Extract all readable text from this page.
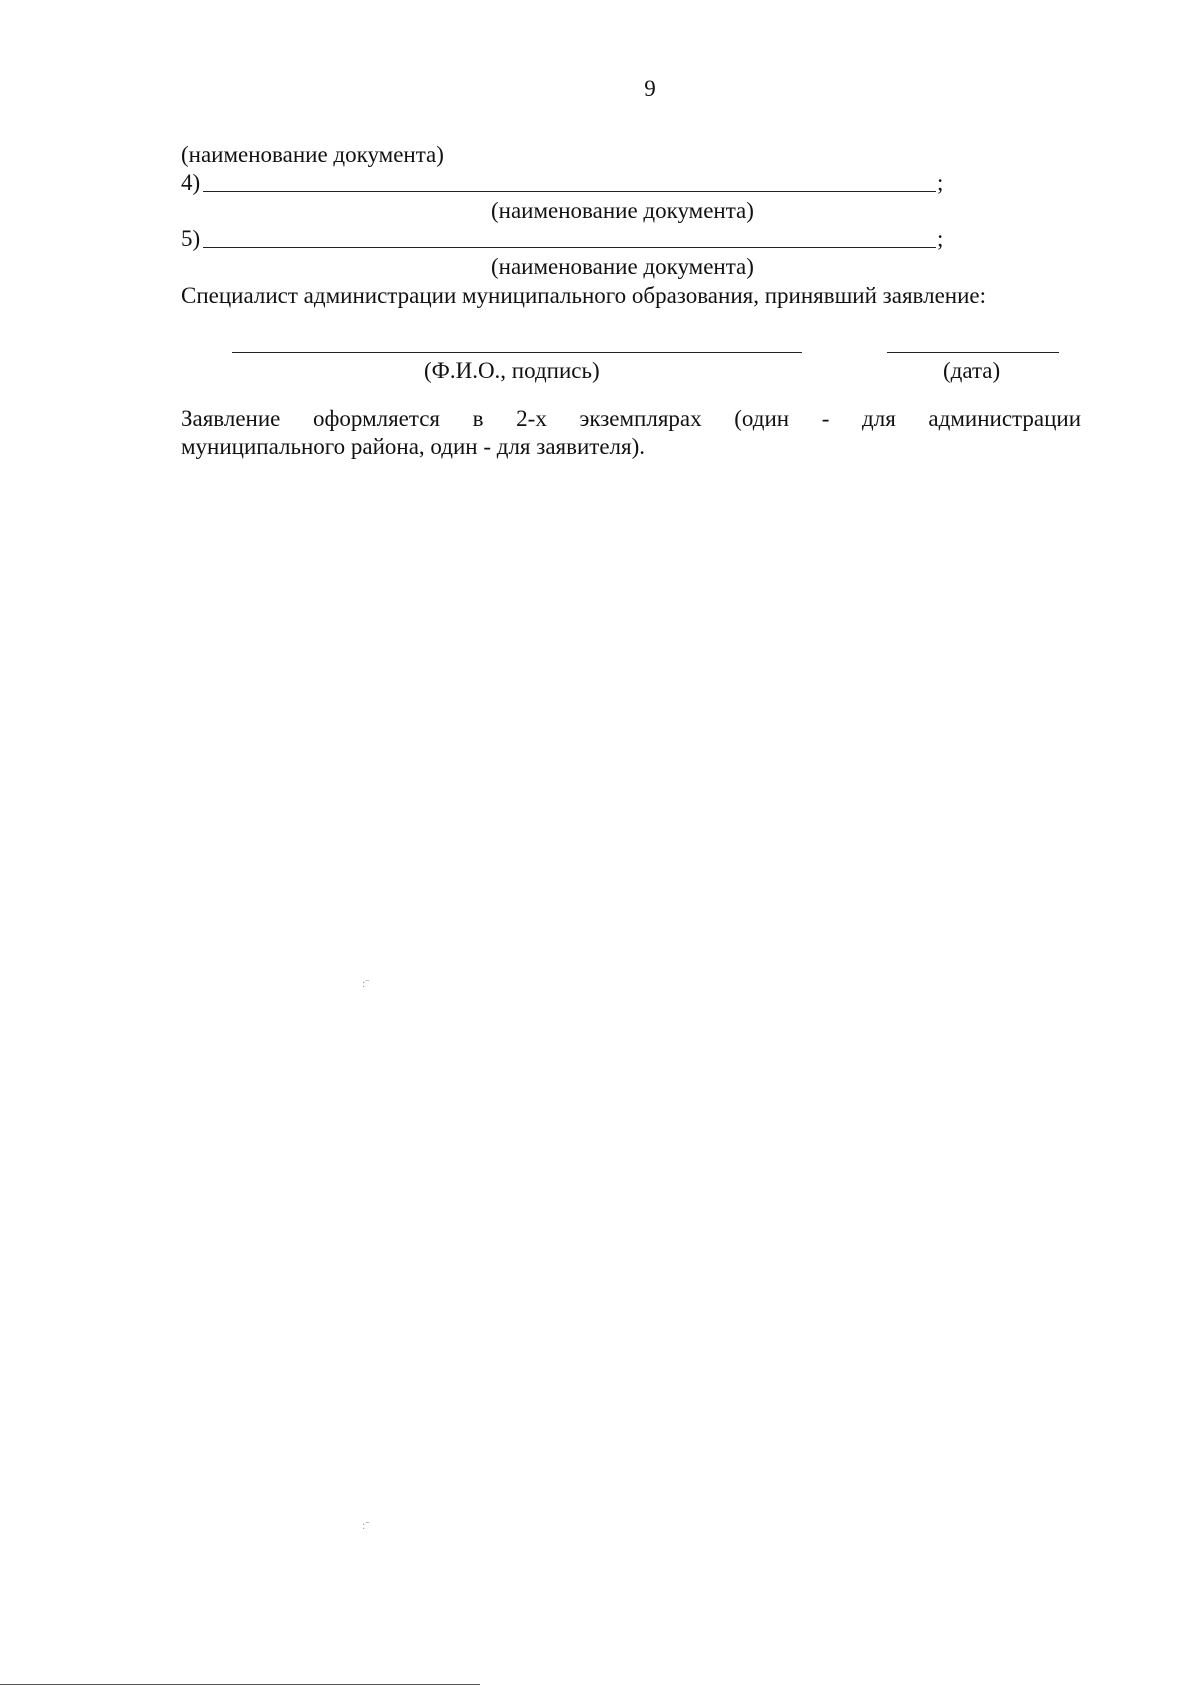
9
(наименование документа)
4)	;
(наименование документа)
5)	;
(наименование документа)
Специалист администрации муниципального образования, принявший заявление:
(Ф.И.О., подпись)	(дата)
Заявление оформляется в 2-х экземплярах (один - для администрации
муниципального района, один - для заявителя).
:ˉ
:ˉ
